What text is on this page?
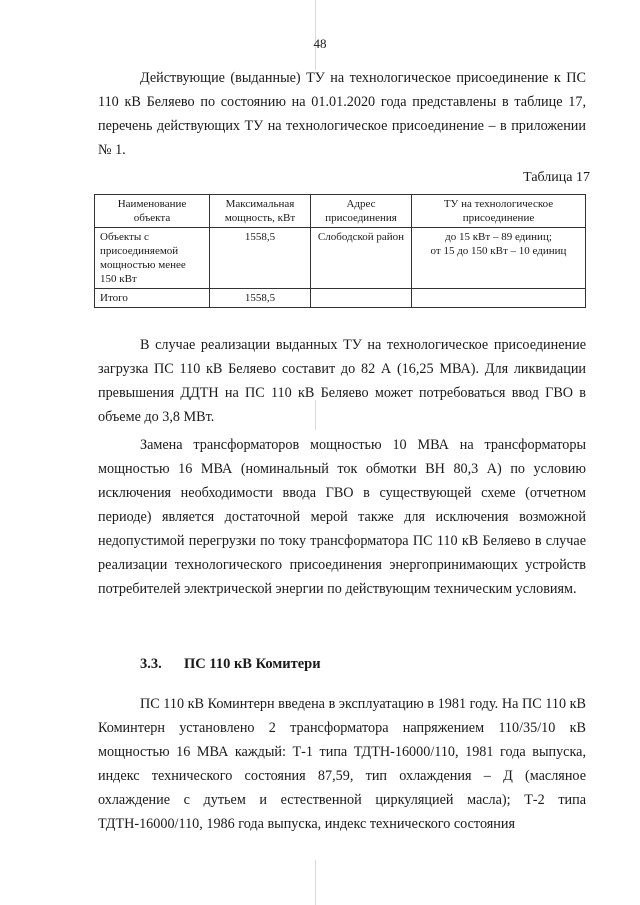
48

Действующие (выданные) ТУ на технологическое присоединение к ПС 110 кВ Беляево по состоянию на 01.01.2020 года представлены в таблице 17, перечень действующих ТУ на технологическое присоединение – в приложении № 1.

Таблица 17
Наименование объекта	Максимальная мощность, кВт	Адрес присоединения	ТУ на технологическое присоединение
Объекты с присоединяемой мощностью менее 150 кВт	1558,5	Слободской район	до 15 кВт – 89 единиц;
от 15 до 150 кВт – 10 единиц

Итого	1558,5		

В случае реализации выданных ТУ на технологическое присоединение загрузка ПС 110 кВ Беляево составит до 82 А (16,25 МВА). Для ликвидации превышения ДДТН на ПС 110 кВ Беляево может потребоваться ввод ГВО в объеме до 3,8 МВт.

Замена трансформаторов мощностью 10 МВА на трансформаторы мощностью 16 МВА (номинальный ток обмотки ВН 80,3 А) по условию исключения необходимости ввода ГВО в существующей схеме (отчетном периоде) является достаточной мерой также для исключения возможной недопустимой перегрузки по току трансформатора ПС 110 кВ Беляево в случае реализации технологического присоединения энергопринимающих устройств потребителей электрической энергии по действующим техническим условиям.

3.3. ПС 110 кВ Комитери

ПС 110 кВ Коминтерн введена в эксплуатацию в 1981 году. На ПС 110 кВ Коминтерн установлено 2 трансформатора напряжением 110/35/10 кВ мощностью 16 МВА каждый: Т-1 типа ТДТН-16000/110, 1981 года выпуска, индекс технического состояния 87,59, тип охлаждения – Д (масляное охлаждение с дутьем и естественной циркуляцией масла); Т-2 типа ТДТН-16000/110, 1986 года выпуска, индекс технического состояния
